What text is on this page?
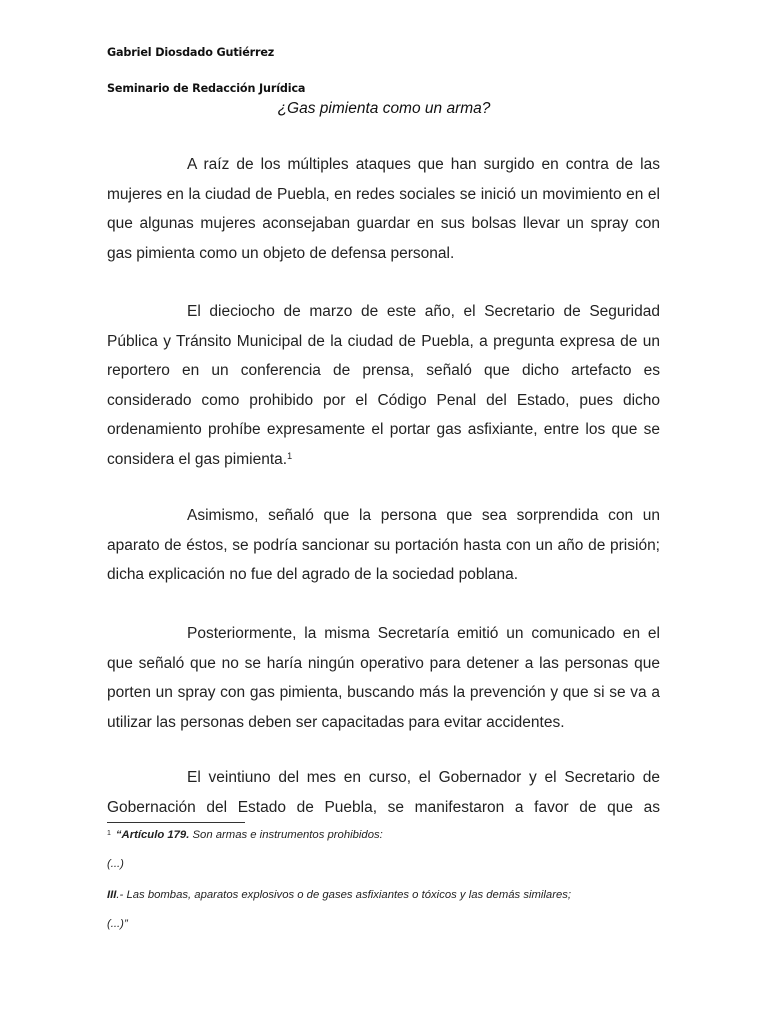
Gabriel Diosdado Gutiérrez
Seminario de Redacción Jurídica
¿Gas pimienta como un arma?

A raíz de los múltiples ataques que han surgido en contra de las mujeres en la ciudad de Puebla, en redes sociales se inició un movimiento en el que algunas mujeres aconsejaban guardar en sus bolsas llevar un spray con gas pimienta como un objeto de defensa personal.

El dieciocho de marzo de este año, el Secretario de Seguridad Pública y Tránsito Municipal de la ciudad de Puebla, a pregunta expresa de un reportero en un conferencia de prensa, señaló que dicho artefacto es considerado como prohibido por el Código Penal del Estado, pues dicho ordenamiento prohíbe expresamente el portar gas asfixiante, entre los que se considera el gas pimienta.$^1$

Asimismo, señaló que la persona que sea sorprendida con un aparato de éstos, se podría sancionar su portación hasta con un año de prisión; dicha explicación no fue del agrado de la sociedad poblana.

Posteriormente, la misma Secretaría emitió un comunicado en el que señaló que no se haría ningún operativo para detener a las personas que porten un spray con gas pimienta, buscando más la prevención y que si se va a utilizar las personas deben ser capacitadas para evitar accidentes.

El veintiuno del mes en curso, el Gobernador y el Secretario de Gobernación del Estado de Puebla, se manifestaron a favor de que as

$^1$ “Artículo 179. Son armas e instrumentos prohibidos:

(...)

III.- Las bombas, aparatos explosivos o de gases asfixiantes o tóxicos y las demás similares;

(...)”
